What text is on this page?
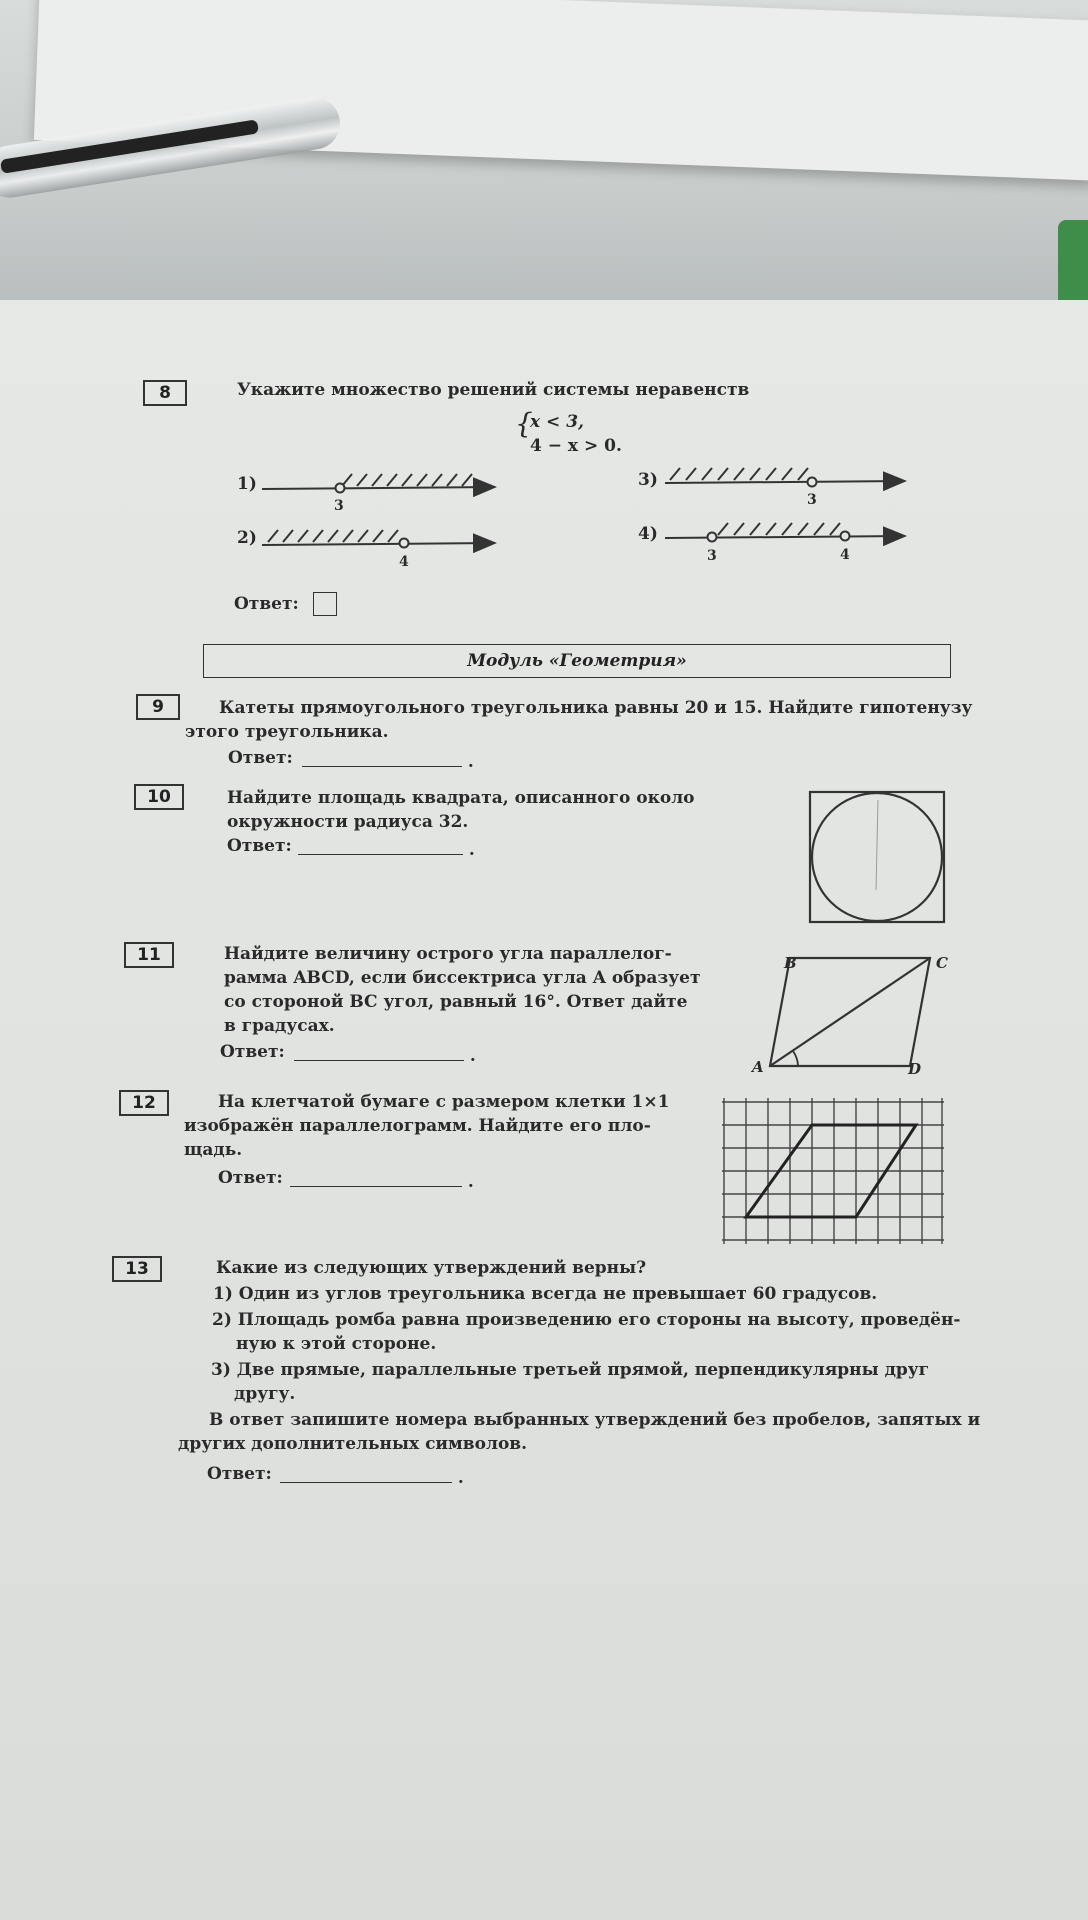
8	Укажите множество решений системы неравенств
{
x < 3,
4 − x > 0.
1)
2)
3)
4)
3
4
3
3	4
Ответ:
Модуль «Геометрия»
9	Катеты прямоугольного треугольника равны 20 и 15. Найдите гипотенузу
этого треугольника.
Ответ:	.
10	Найдите площадь квадрата, описанного около
окружности радиуса 32.
Ответ:	.
11	Найдите величину острого угла параллелог-
рамма ABCD, если биссектриса угла A образует
со стороной BC угол, равный 16°. Ответ дайте
в градусах.
Ответ:	.
B	C
A	D
12	На клетчатой бумаге с размером клетки 1×1
изображён параллелограмм. Найдите его пло-
щадь.
Ответ:	.
13	Какие из следующих утверждений верны?
1) Один из углов треугольника всегда не превышает 60 градусов.
2) Площадь ромба равна произведению его стороны на высоту, проведён-
ную к этой стороне.
3) Две прямые, параллельные третьей прямой, перпендикулярны друг
другу.
В ответ запишите номера выбранных утверждений без пробелов, запятых и
других дополнительных символов.
Ответ:	.
